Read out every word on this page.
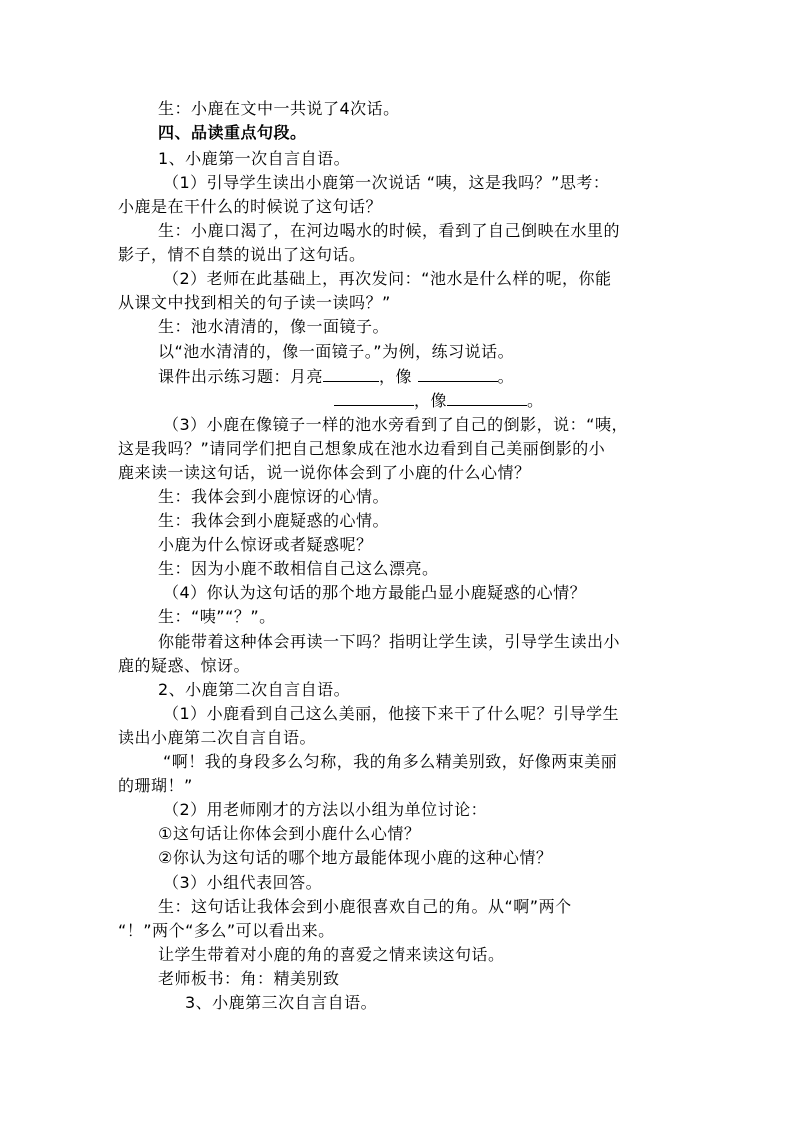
生：小鹿在文中一共说了4次话。
四、品读重点句段。
1、小鹿第一次自言自语。
（1）引导学生读出小鹿第一次说话 “咦，这是我吗？”思考：
小鹿是在干什么的时候说了这句话？
生：小鹿口渴了，在河边喝水的时候，看到了自己倒映在水里的
影子，情不自禁的说出了这句话。
（2）老师在此基础上，再次发问：“池水是什么样的呢，你能
从课文中找到相关的句子读一读吗？”
生：池水清清的，像一面镜子。
以“池水清清的，像一面镜子。”为例，练习说话。
课件出示练习题：月亮	，像	。
，像	。
（3）小鹿在像镜子一样的池水旁看到了自己的倒影，说：“咦，
这是我吗？”请同学们把自己想象成在池水边看到自己美丽倒影的小
鹿来读一读这句话，说一说你体会到了小鹿的什么心情？
生：我体会到小鹿惊讶的心情。
生：我体会到小鹿疑惑的心情。
小鹿为什么惊讶或者疑惑呢？
生：因为小鹿不敢相信自己这么漂亮。
（4）你认为这句话的那个地方最能凸显小鹿疑惑的心情？
生：“咦”“？”。
你能带着这种体会再读一下吗？指明让学生读，引导学生读出小
鹿的疑惑、惊讶。
2、小鹿第二次自言自语。
（1）小鹿看到自己这么美丽，他接下来干了什么呢？引导学生
读出小鹿第二次自言自语。
“啊！我的身段多么匀称，我的角多么精美别致，好像两束美丽
的珊瑚！”
（2）用老师刚才的方法以小组为单位讨论：
①这句话让你体会到小鹿什么心情？
②你认为这句话的哪个地方最能体现小鹿的这种心情？
（3）小组代表回答。
生：这句话让我体会到小鹿很喜欢自己的角。从“啊”两个
“！”两个“多么”可以看出来。
让学生带着对小鹿的角的喜爱之情来读这句话。
老师板书：角：精美别致
3、小鹿第三次自言自语。
